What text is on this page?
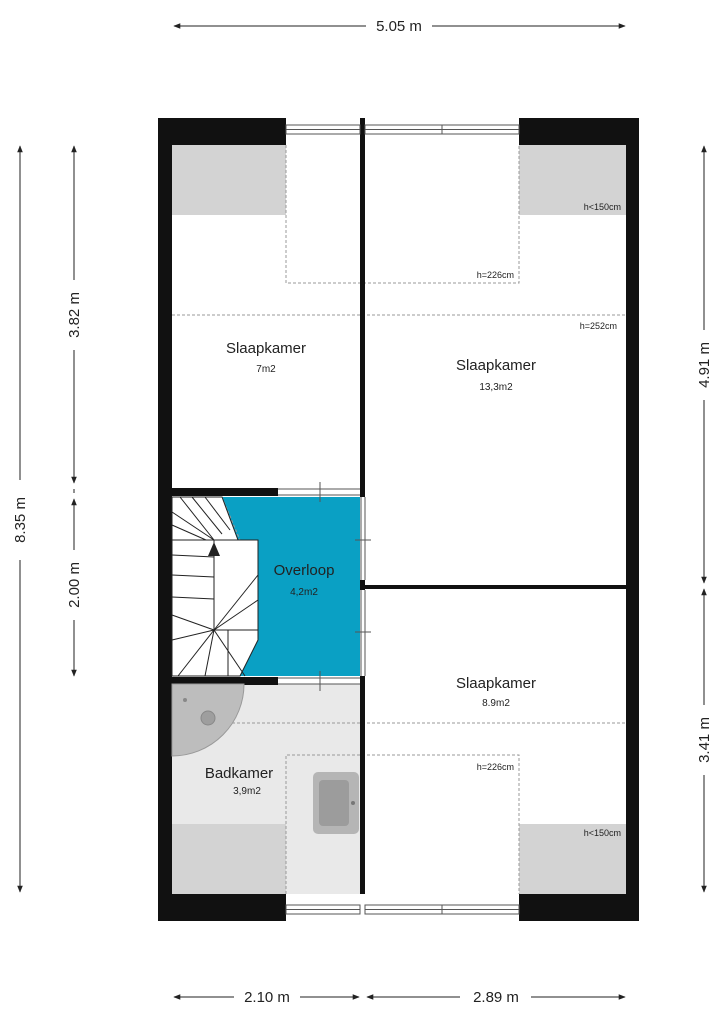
Slaapkamer
7m2	Slaapkamer
13,3m2
Overloop
4,2m2
Slaapkamer
8.9m2
Badkamer
3,9m2
h<150cm
h=226cm
h=252cm
h=226cm
h<150cm
5.05 m
2.10 m	2.89 m
8.35 m
3.82 m
2.00 m
4.91 m
3.41 m
